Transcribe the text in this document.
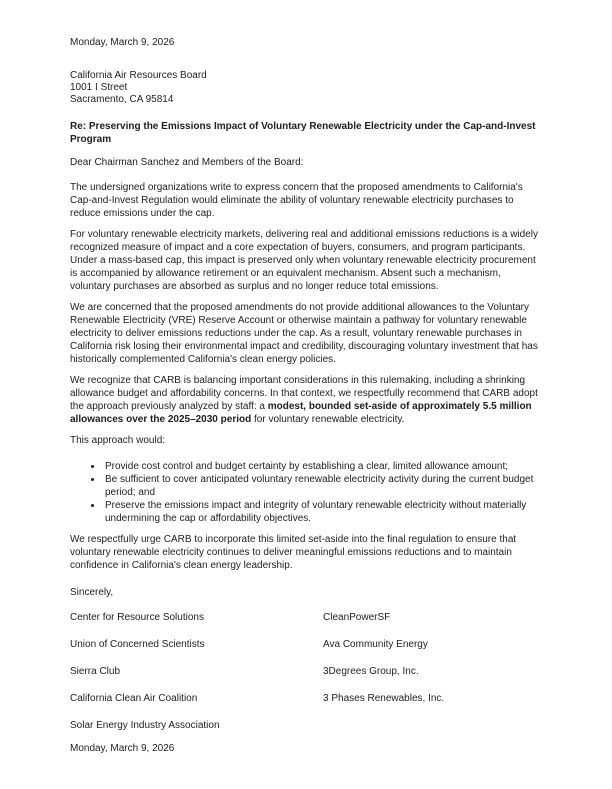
Monday, March 9, 2026
California Air Resources Board
1001 I Street
Sacramento, CA 95814
Re: Preserving the Emissions Impact of Voluntary Renewable Electricity under the Cap-and-Invest Program
Dear Chairman Sanchez and Members of the Board:

The undersigned organizations write to express concern that the proposed amendments to California's Cap-and-Invest Regulation would eliminate the ability of voluntary renewable electricity purchases to reduce emissions under the cap.

For voluntary renewable electricity markets, delivering real and additional emissions reductions is a widely recognized measure of impact and a core expectation of buyers, consumers, and program participants. Under a mass-based cap, this impact is preserved only when voluntary renewable electricity procurement is accompanied by allowance retirement or an equivalent mechanism. Absent such a mechanism, voluntary purchases are absorbed as surplus and no longer reduce total emissions.

We are concerned that the proposed amendments do not provide additional allowances to the Voluntary Renewable Electricity (VRE) Reserve Account or otherwise maintain a pathway for voluntary renewable electricity to deliver emissions reductions under the cap. As a result, voluntary renewable purchases in California risk losing their environmental impact and credibility, discouraging voluntary investment that has historically complemented California's clean energy policies.

We recognize that CARB is balancing important considerations in this rulemaking, including a shrinking allowance budget and affordability concerns. In that context, we respectfully recommend that CARB adopt the approach previously analyzed by staff: a modest, bounded set-aside of approximately 5.5 million allowances over the 2025–2030 period for voluntary renewable electricity.

This approach would:

• Provide cost control and budget certainty by establishing a clear, limited allowance amount;
• Be sufficient to cover anticipated voluntary renewable electricity activity during the current budget period; and
• Preserve the emissions impact and integrity of voluntary renewable electricity without materially undermining the cap or affordability objectives.

We respectfully urge CARB to incorporate this limited set-aside into the final regulation to ensure that voluntary renewable electricity continues to deliver meaningful emissions reductions and to maintain confidence in California's clean energy leadership.

Sincerely,
Center for Resource Solutions	CleanPowerSF
Union of Concerned Scientists	Ava Community Energy
Sierra Club	3Degrees Group, Inc.
California Clean Air Coalition	3 Phases Renewables, Inc.
Solar Energy Industry Association
Monday, March 9, 2026
